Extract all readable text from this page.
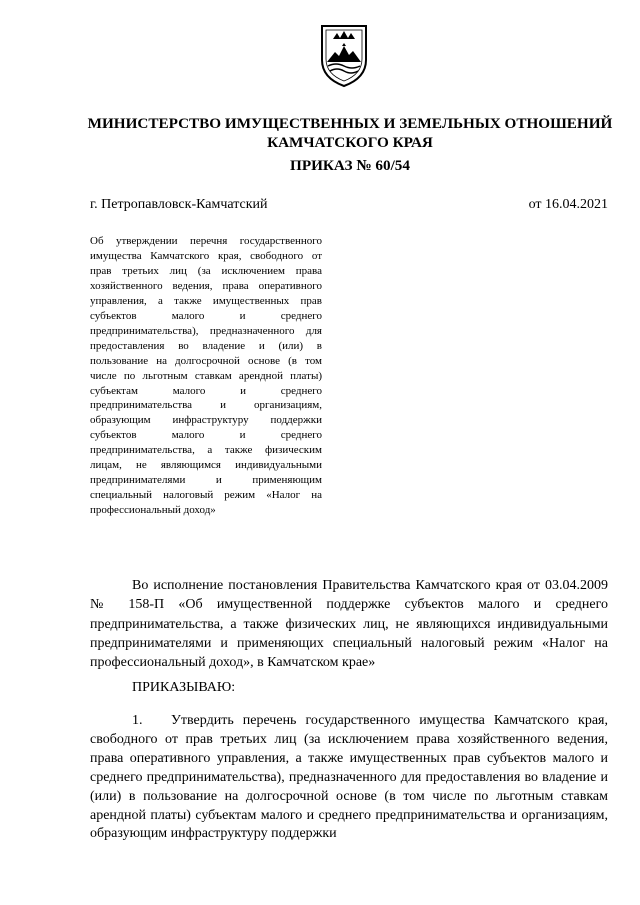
МИНИСТЕРСТВО ИМУЩЕСТВЕННЫХ И ЗЕМЕЛЬНЫХ ОТНОШЕНИЙ КАМЧАТСКОГО КРАЯ
ПРИКАЗ № 60/54
г. Петропавловск-Камчатский	от 16.04.2021
Об утверждении перечня государственного имущества Камчатского края, свободного от прав третьих лиц (за исключением права хозяйственного ведения, права оперативного управления, а также имущественных прав субъектов малого и среднего предпринимательства), предназначенного для предоставления во владение и (или) в пользование на долгосрочной основе (в том числе по льготным ставкам арендной платы) субъектам малого и среднего предпринимательства и организациям, образующим инфраструктуру поддержки субъектов малого и среднего предпринимательства, а также физическим лицам, не являющимся индивидуальными предпринимателями и применяющим специальный налоговый режим «Налог на профессиональный доход»
Во исполнение постановления Правительства Камчатского края от 03.04.2009 № 158-П «Об имущественной поддержке субъектов малого и среднего предпринимательства, а также физических лиц, не являющихся индивидуальными предпринимателями и применяющих специальный налоговый режим «Налог на профессиональный доход», в Камчатском крае»
ПРИКАЗЫВАЮ:
1. Утвердить перечень государственного имущества Камчатского края, свободного от прав третьих лиц (за исключением права хозяйственного ведения, права оперативного управления, а также имущественных прав субъектов малого и среднего предпринимательства), предназначенного для предоставления во владение и (или) в пользование на долгосрочной основе (в том числе по льготным ставкам арендной платы) субъектам малого и среднего предпринимательства и организациям, образующим инфраструктуру поддержки
